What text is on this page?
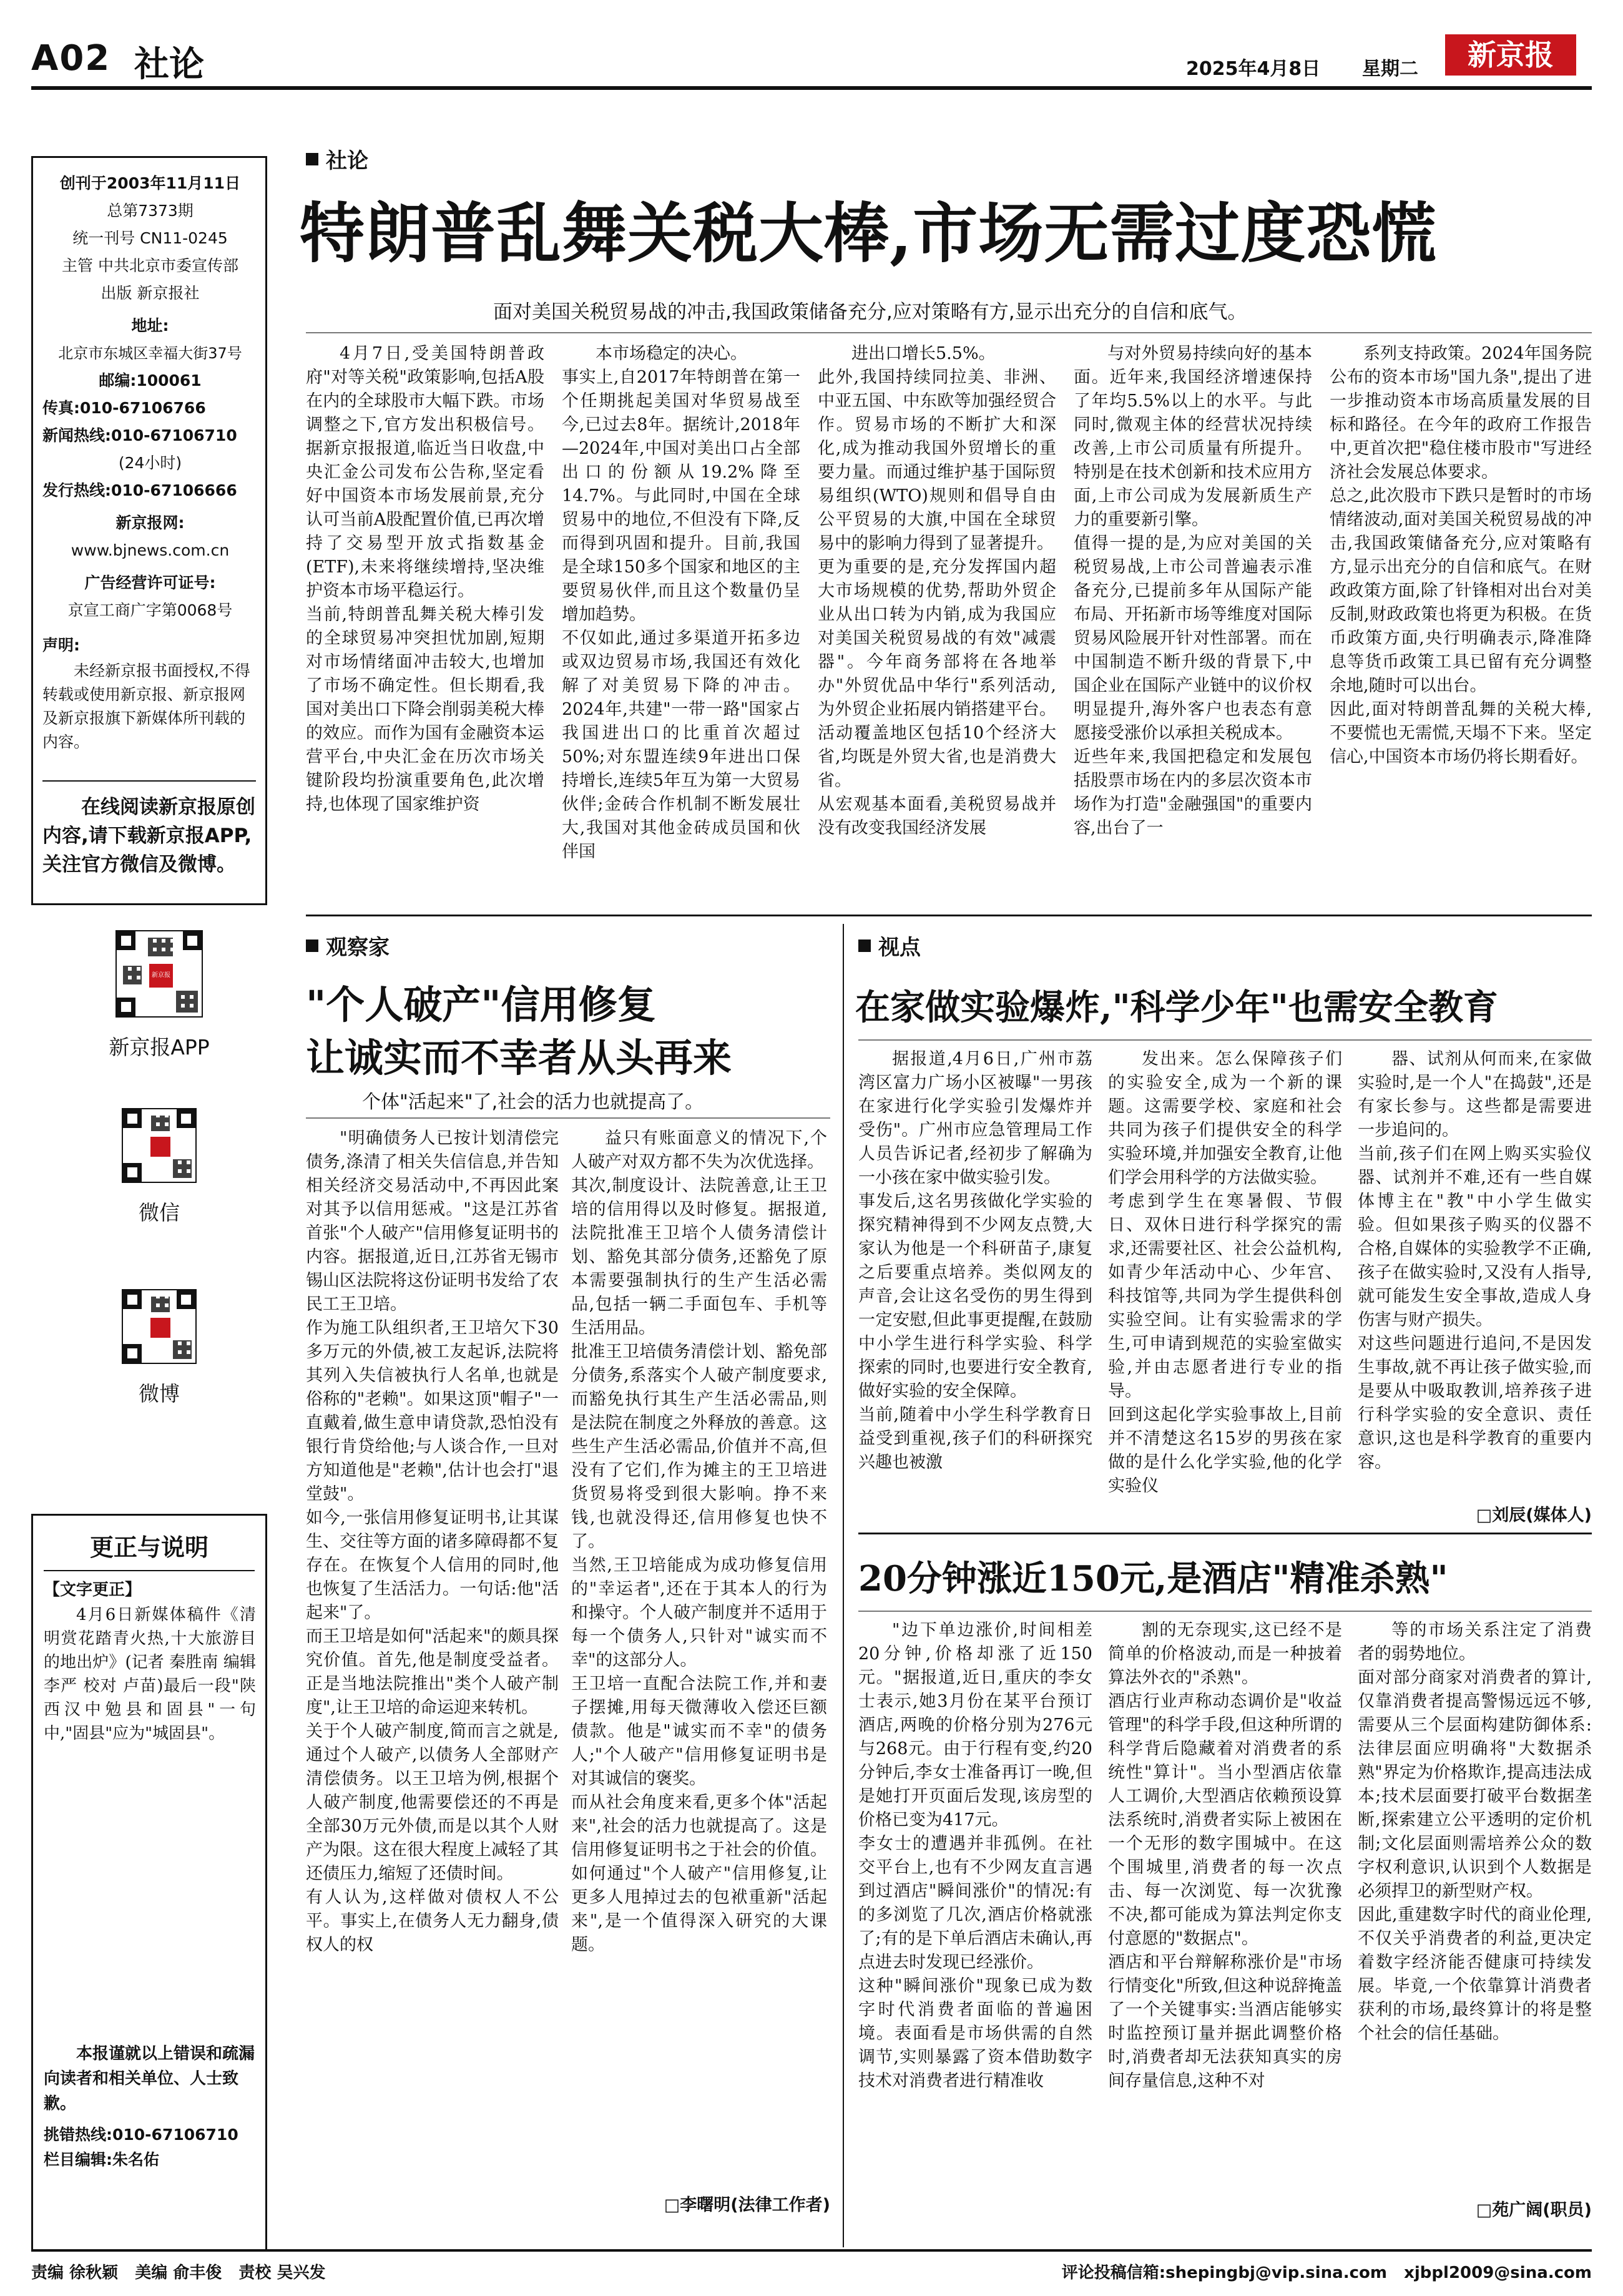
A02 社论	2025年4月8日 星期二	新京报
创刊于2003年11月11日
总第7373期
统一刊号 CN11-0245
主管 中共北京市委宣传部
出版 新京报社
地址:
北京市东城区幸福大街37号
邮编:100061
传真:010-67106766
新闻热线:010-67106710
(24小时)
发行热线:010-67106666
新京报网:
www.bjnews.com.cn
广告经营许可证号:
京宣工商广字第0068号
声明:
未经新京报书面授权,不得转载或使用新京报、新京报网及新京报旗下新媒体所刊载的内容。
在线阅读新京报原创内容,请下载新京报APP,关注官方微信及微博。
新京报
新京报APP
微信
微博
更正与说明
【文字更正】
4月6日新媒体稿件《清明赏花踏青火热,十大旅游目的地出炉》(记者 秦胜南 编辑 李严 校对 卢苗)最后一段"陕西汉中勉县和固县"一句中,"固县"应为"城固县"。
本报谨就以上错误和疏漏向读者和相关单位、人士致歉。
挑错热线:010-67106710
栏目编辑:朱名佑
社论
特朗普乱舞关税大棒,市场无需过度恐慌
面对美国关税贸易战的冲击,我国政策储备充分,应对策略有方,显示出充分的自信和底气。

4月7日,受美国特朗普政府"对等关税"政策影响,包括A股在内的全球股市大幅下跌。市场调整之下,官方发出积极信号。据新京报报道,临近当日收盘,中央汇金公司发布公告称,坚定看好中国资本市场发展前景,充分认可当前A股配置价值,已再次增持了交易型开放式指数基金(ETF),未来将继续增持,坚决维护资本市场平稳运行。
当前,特朗普乱舞关税大棒引发的全球贸易冲突担忧加剧,短期对市场情绪面冲击较大,也增加了市场不确定性。但长期看,我国对美出口下降会削弱美税大棒的效应。而作为国有金融资本运营平台,中央汇金在历次市场关键阶段均扮演重要角色,此次增持,也体现了国家维护资

本市场稳定的决心。
事实上,自2017年特朗普在第一个任期挑起美国对华贸易战至今,已过去8年。据统计,2018年—2024年,中国对美出口占全部出口的份额从19.2%降至14.7%。与此同时,中国在全球贸易中的地位,不但没有下降,反而得到巩固和提升。目前,我国是全球150多个国家和地区的主要贸易伙伴,而且这个数量仍呈增加趋势。
不仅如此,通过多渠道开拓多边或双边贸易市场,我国还有效化解了对美贸易下降的冲击。2024年,共建"一带一路"国家占我国进出口的比重首次超过50%;对东盟连续9年进出口保持增长,连续5年互为第一大贸易伙伴;金砖合作机制不断发展壮大,我国对其他金砖成员国和伙伴国

进出口增长5.5%。
此外,我国持续同拉美、非洲、中亚五国、中东欧等加强经贸合作。贸易市场的不断扩大和深化,成为推动我国外贸增长的重要力量。而通过维护基于国际贸易组织(WTO)规则和倡导自由公平贸易的大旗,中国在全球贸易中的影响力得到了显著提升。
更为重要的是,充分发挥国内超大市场规模的优势,帮助外贸企业从出口转为内销,成为我国应对美国关税贸易战的有效"减震器"。今年商务部将在各地举办"外贸优品中华行"系列活动,为外贸企业拓展内销搭建平台。活动覆盖地区包括10个经济大省,均既是外贸大省,也是消费大省。
从宏观基本面看,美税贸易战并没有改变我国经济发展

与对外贸易持续向好的基本面。近年来,我国经济增速保持了年均5.5%以上的水平。与此同时,微观主体的经营状况持续改善,上市公司质量有所提升。特别是在技术创新和技术应用方面,上市公司成为发展新质生产力的重要新引擎。
值得一提的是,为应对美国的关税贸易战,上市公司普遍表示准备充分,已提前多年从国际产能布局、开拓新市场等维度对国际贸易风险展开针对性部署。而在中国制造不断升级的背景下,中国企业在国际产业链中的议价权明显提升,海外客户也表态有意愿接受涨价以承担关税成本。
近些年来,我国把稳定和发展包括股票市场在内的多层次资本市场作为打造"金融强国"的重要内容,出台了一

系列支持政策。2024年国务院公布的资本市场"国九条",提出了进一步推动资本市场高质量发展的目标和路径。在今年的政府工作报告中,更首次把"稳住楼市股市"写进经济社会发展总体要求。
总之,此次股市下跌只是暂时的市场情绪波动,面对美国关税贸易战的冲击,我国政策储备充分,应对策略有方,显示出充分的自信和底气。在财政政策方面,除了针锋相对出台对美反制,财政政策也将更为积极。在货币政策方面,央行明确表示,降准降息等货币政策工具已留有充分调整余地,随时可以出台。
因此,面对特朗普乱舞的关税大棒,不要慌也无需慌,天塌不下来。坚定信心,中国资本市场仍将长期看好。

观察家
"个人破产"信用修复
让诚实而不幸者从头再来
个体"活起来"了,社会的活力也就提高了。

"明确债务人已按计划清偿完债务,涤清了相关失信信息,并告知相关经济交易活动中,不再因此案对其予以信用惩戒。"这是江苏省首张"个人破产"信用修复证明书的内容。据报道,近日,江苏省无锡市锡山区法院将这份证明书发给了农民工王卫培。
作为施工队组织者,王卫培欠下30多万元的外债,被工友起诉,法院将其列入失信被执行人名单,也就是俗称的"老赖"。如果这顶"帽子"一直戴着,做生意申请贷款,恐怕没有银行肯贷给他;与人谈合作,一旦对方知道他是"老赖",估计也会打"退堂鼓"。
如今,一张信用修复证明书,让其谋生、交往等方面的诸多障碍都不复存在。在恢复个人信用的同时,他也恢复了生活活力。一句话:他"活起来"了。
而王卫培是如何"活起来"的颇具探究价值。首先,他是制度受益者。正是当地法院推出"类个人破产制度",让王卫培的命运迎来转机。
关于个人破产制度,简而言之就是,通过个人破产,以债务人全部财产清偿债务。以王卫培为例,根据个人破产制度,他需要偿还的不再是全部30万元外债,而是以其个人财产为限。这在很大程度上减轻了其还债压力,缩短了还债时间。
有人认为,这样做对债权人不公平。事实上,在债务人无力翻身,债权人的权

益只有账面意义的情况下,个人破产对双方都不失为次优选择。
其次,制度设计、法院善意,让王卫培的信用得以及时修复。据报道,法院批准王卫培个人债务清偿计划、豁免其部分债务,还豁免了原本需要强制执行的生产生活必需品,包括一辆二手面包车、手机等生活用品。
批准王卫培债务清偿计划、豁免部分债务,系落实个人破产制度要求,而豁免执行其生产生活必需品,则是法院在制度之外释放的善意。这些生产生活必需品,价值并不高,但没有了它们,作为摊主的王卫培进货贸易将受到很大影响。挣不来钱,也就没得还,信用修复也快不了。
当然,王卫培能成为成功修复信用的"幸运者",还在于其本人的行为和操守。个人破产制度并不适用于每一个债务人,只针对"诚实而不幸"的这部分人。
王卫培一直配合法院工作,并和妻子摆摊,用每天微薄收入偿还巨额债款。他是"诚实而不幸"的债务人;"个人破产"信用修复证明书是对其诚信的褒奖。
而从社会角度来看,更多个体"活起来",社会的活力也就提高了。这是信用修复证明书之于社会的价值。如何通过"个人破产"信用修复,让更多人甩掉过去的包袱重新"活起来",是一个值得深入研究的大课题。

□李曙明(法律工作者)
视点
在家做实验爆炸,"科学少年"也需安全教育

据报道,4月6日,广州市荔湾区富力广场小区被曝"一男孩在家进行化学实验引发爆炸并受伤"。广州市应急管理局工作人员告诉记者,经初步了解确为一小孩在家中做实验引发。
事发后,这名男孩做化学实验的探究精神得到不少网友点赞,大家认为他是一个科研苗子,康复之后要重点培养。类似网友的声音,会让这名受伤的男生得到一定安慰,但此事更提醒,在鼓励中小学生进行科学实验、科学探索的同时,也要进行安全教育,做好实验的安全保障。
当前,随着中小学生科学教育日益受到重视,孩子们的科研探究兴趣也被激

发出来。怎么保障孩子们的实验安全,成为一个新的课题。这需要学校、家庭和社会共同为孩子们提供安全的科学实验环境,并加强安全教育,让他们学会用科学的方法做实验。
考虑到学生在寒暑假、节假日、双休日进行科学探究的需求,还需要社区、社会公益机构,如青少年活动中心、少年宫、科技馆等,共同为学生提供科创实验空间。让有实验需求的学生,可申请到规范的实验室做实验,并由志愿者进行专业的指导。
回到这起化学实验事故上,目前并不清楚这名15岁的男孩在家做的是什么化学实验,他的化学实验仪

器、试剂从何而来,在家做实验时,是一个人"在捣鼓",还是有家长参与。这些都是需要进一步追问的。
当前,孩子们在网上购买实验仪器、试剂并不难,还有一些自媒体博主在"教"中小学生做实验。但如果孩子购买的仪器不合格,自媒体的实验教学不正确,孩子在做实验时,又没有人指导,就可能发生安全事故,造成人身伤害与财产损失。
对这些问题进行追问,不是因发生事故,就不再让孩子做实验,而是要从中吸取教训,培养孩子进行科学实验的安全意识、责任意识,这也是科学教育的重要内容。

□刘辰(媒体人)
20分钟涨近150元,是酒店"精准杀熟"

"边下单边涨价,时间相差20分钟,价格却涨了近150元。"据报道,近日,重庆的李女士表示,她3月份在某平台预订酒店,两晚的价格分别为276元与268元。由于行程有变,约20分钟后,李女士准备再订一晚,但是她打开页面后发现,该房型的价格已变为417元。
李女士的遭遇并非孤例。在社交平台上,也有不少网友直言遇到过酒店"瞬间涨价"的情况:有的多浏览了几次,酒店价格就涨了;有的是下单后酒店未确认,再点进去时发现已经涨价。
这种"瞬间涨价"现象已成为数字时代消费者面临的普遍困境。表面看是市场供需的自然调节,实则暴露了资本借助数字技术对消费者进行精准收

割的无奈现实,这已经不是简单的价格波动,而是一种披着算法外衣的"杀熟"。
酒店行业声称动态调价是"收益管理"的科学手段,但这种所谓的科学背后隐藏着对消费者的系统性"算计"。当小型酒店依靠人工调价,大型酒店依赖预设算法系统时,消费者实际上被困在一个无形的数字围城中。在这个围城里,消费者的每一次点击、每一次浏览、每一次犹豫不决,都可能成为算法判定你支付意愿的"数据点"。
酒店和平台辩解称涨价是"市场行情变化"所致,但这种说辞掩盖了一个关键事实:当酒店能够实时监控预订量并据此调整价格时,消费者却无法获知真实的房间存量信息,这种不对

等的市场关系注定了消费者的弱势地位。
面对部分商家对消费者的算计,仅靠消费者提高警惕远远不够,需要从三个层面构建防御体系:法律层面应明确将"大数据杀熟"界定为价格欺诈,提高违法成本;技术层面要打破平台数据垄断,探索建立公平透明的定价机制;文化层面则需培养公众的数字权利意识,认识到个人数据是必须捍卫的新型财产权。
因此,重建数字时代的商业伦理,不仅关乎消费者的利益,更决定着数字经济能否健康可持续发展。毕竟,一个依靠算计消费者获利的市场,最终算计的将是整个社会的信任基础。

□苑广阔(职员)
责编 徐秋颖   美编 俞丰俊   责校 吴兴发	评论投稿信箱:shepingbj@vip.sina.com   xjbpl2009@sina.com
